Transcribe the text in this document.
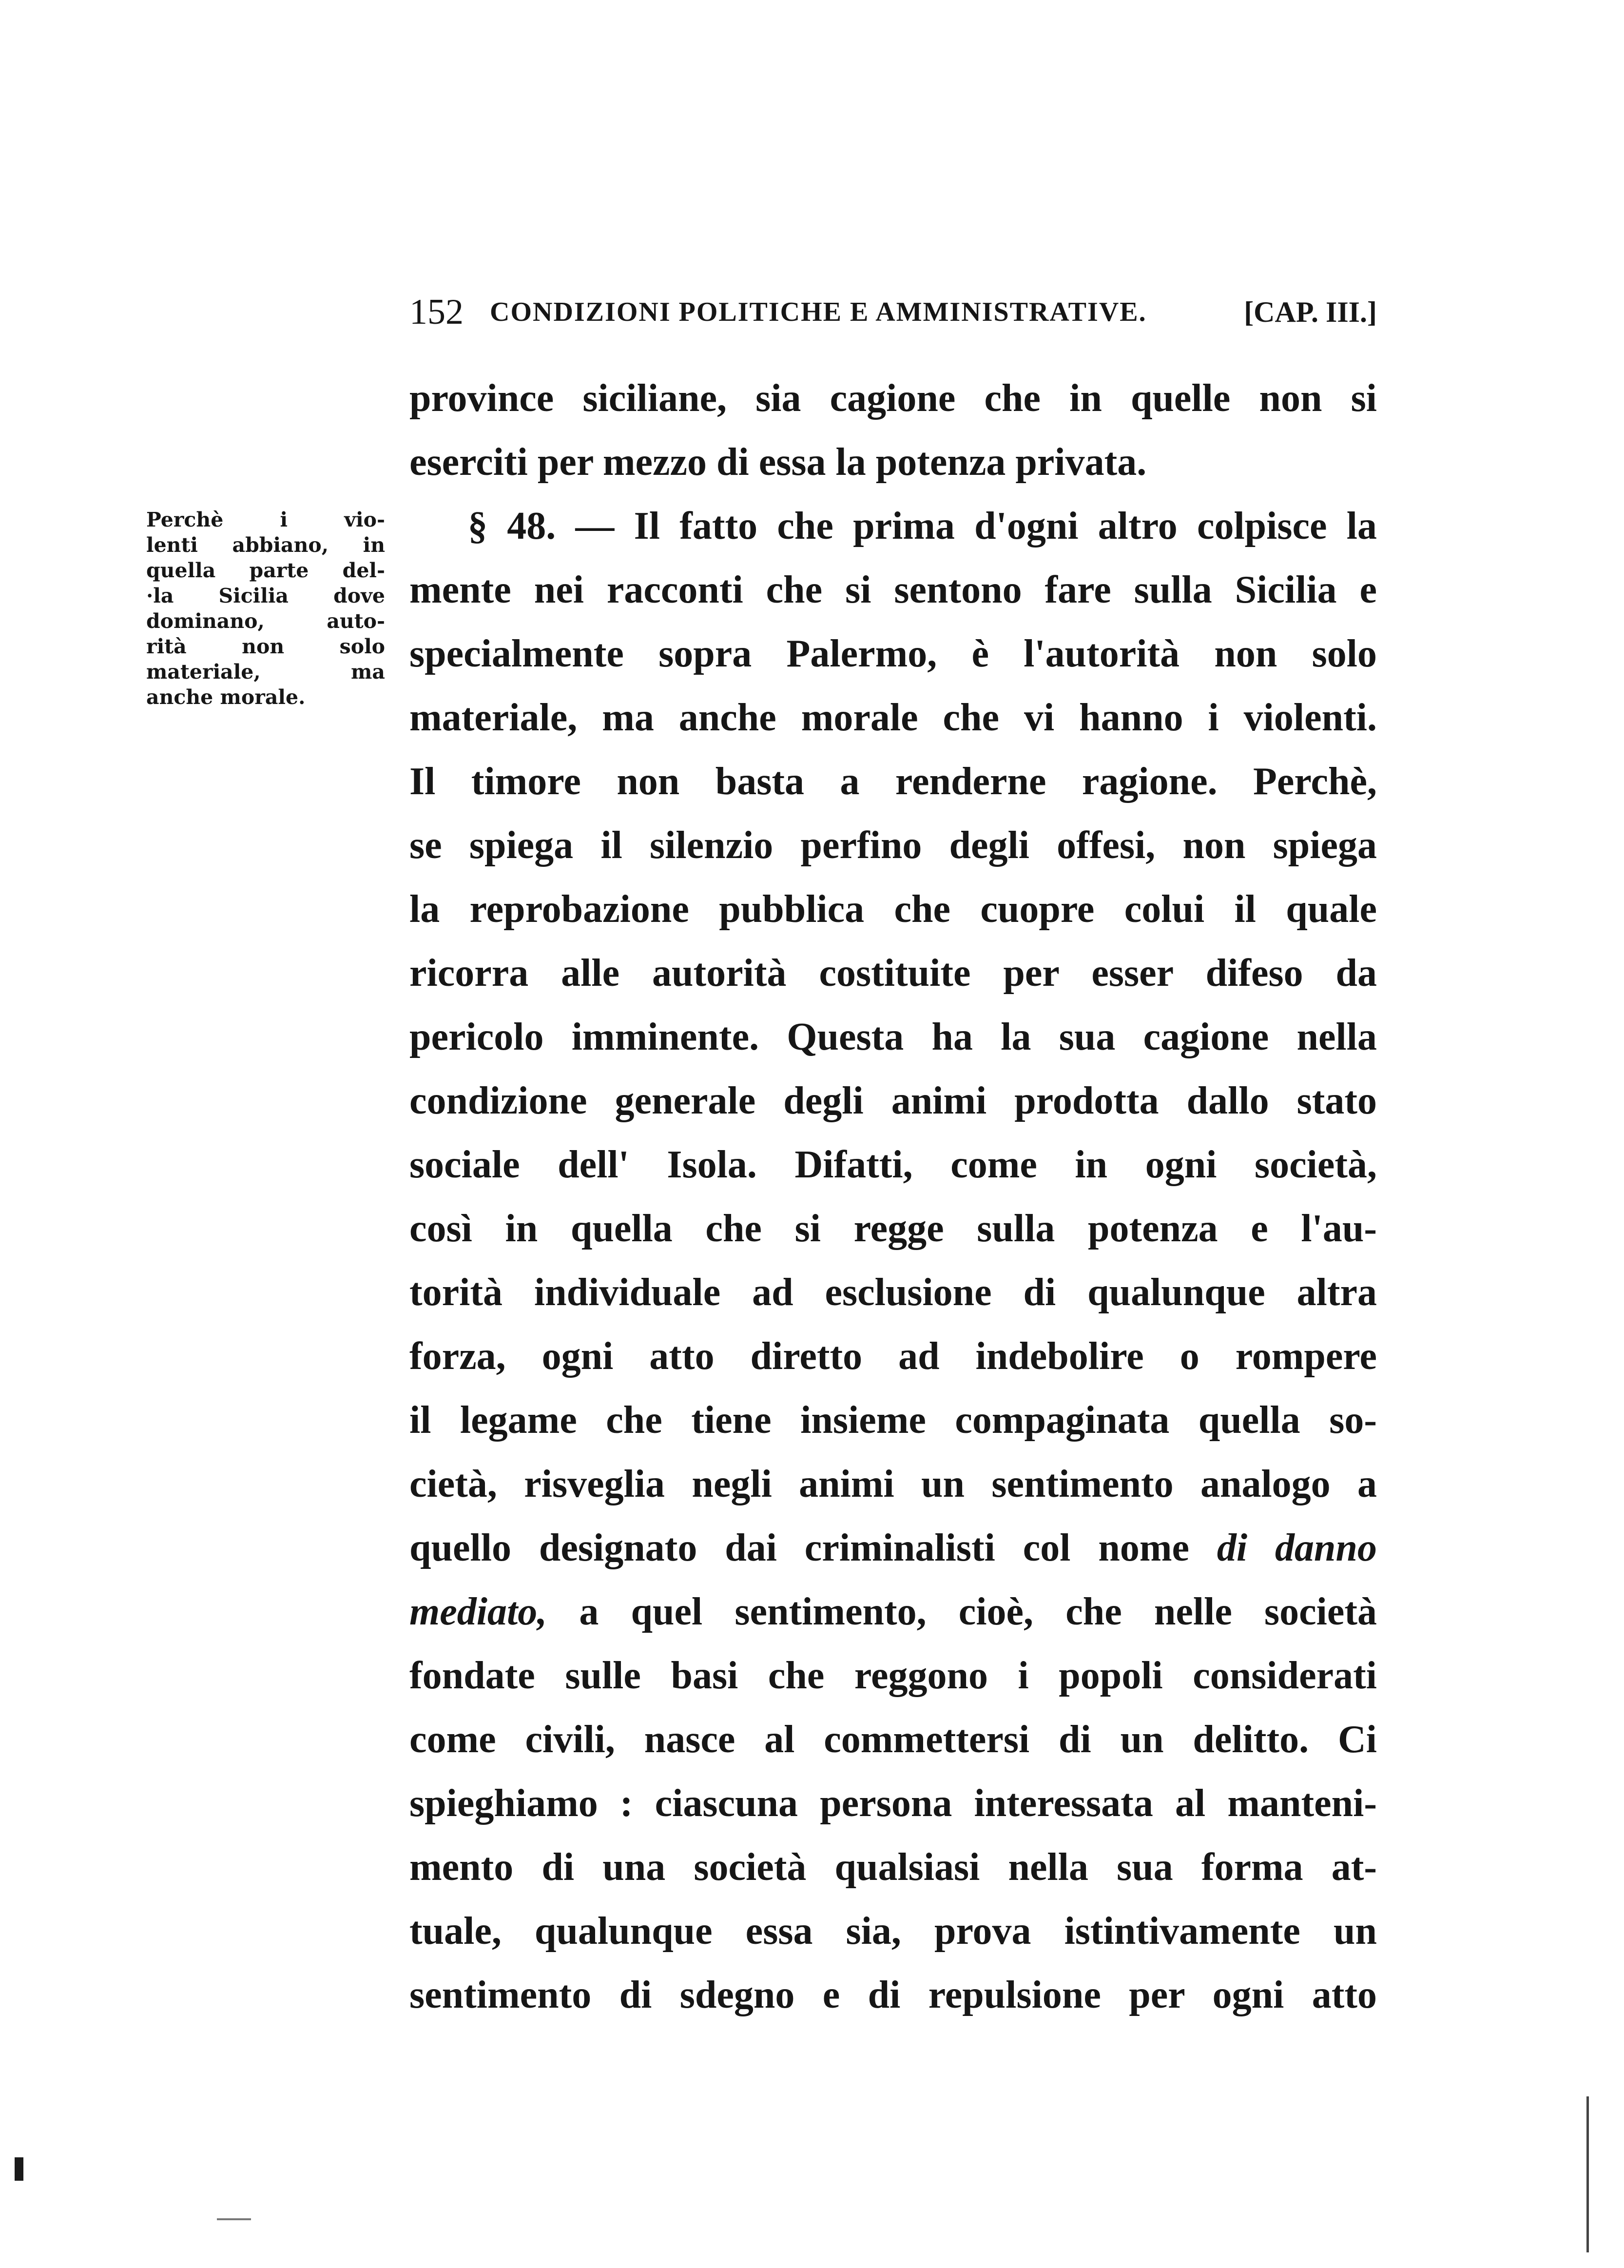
152 CONDIZIONI POLITICHE E AMMINISTRATIVE.	[CAP. III.]
Perchè i vio-
lenti abbiano, in
quella parte del-
·la Sicilia dove
dominano, auto-
rità non solo
materiale, ma
anche morale.
province siciliane, sia cagione che in quelle non si
eserciti per mezzo di essa la potenza privata.
§ 48. — Il fatto che prima d'ogni altro colpisce la
mente nei racconti che si sentono fare sulla Sicilia e
specialmente sopra Palermo, è l'autorità non solo
materiale, ma anche morale che vi hanno i violenti.
Il timore non basta a renderne ragione. Perchè,
se spiega il silenzio perfino degli offesi, non spiega
la reprobazione pubblica che cuopre colui il quale
ricorra alle autorità costituite per esser difeso da
pericolo imminente. Questa ha la sua cagione nella
condizione generale degli animi prodotta dallo stato
sociale dell' Isola. Difatti, come in ogni società,
così in quella che si regge sulla potenza e l'au-
torità individuale ad esclusione di qualunque altra
forza, ogni atto diretto ad indebolire o rompere
il legame che tiene insieme compaginata quella so-
cietà, risveglia negli animi un sentimento analogo a
quello designato dai criminalisti col nome di danno
mediato, a quel sentimento, cioè, che nelle società
fondate sulle basi che reggono i popoli considerati
come civili, nasce al commettersi di un delitto. Ci
spieghiamo : ciascuna persona interessata al manteni-
mento di una società qualsiasi nella sua forma at-
tuale, qualunque essa sia, prova istintivamente un
sentimento di sdegno e di repulsione per ogni atto
